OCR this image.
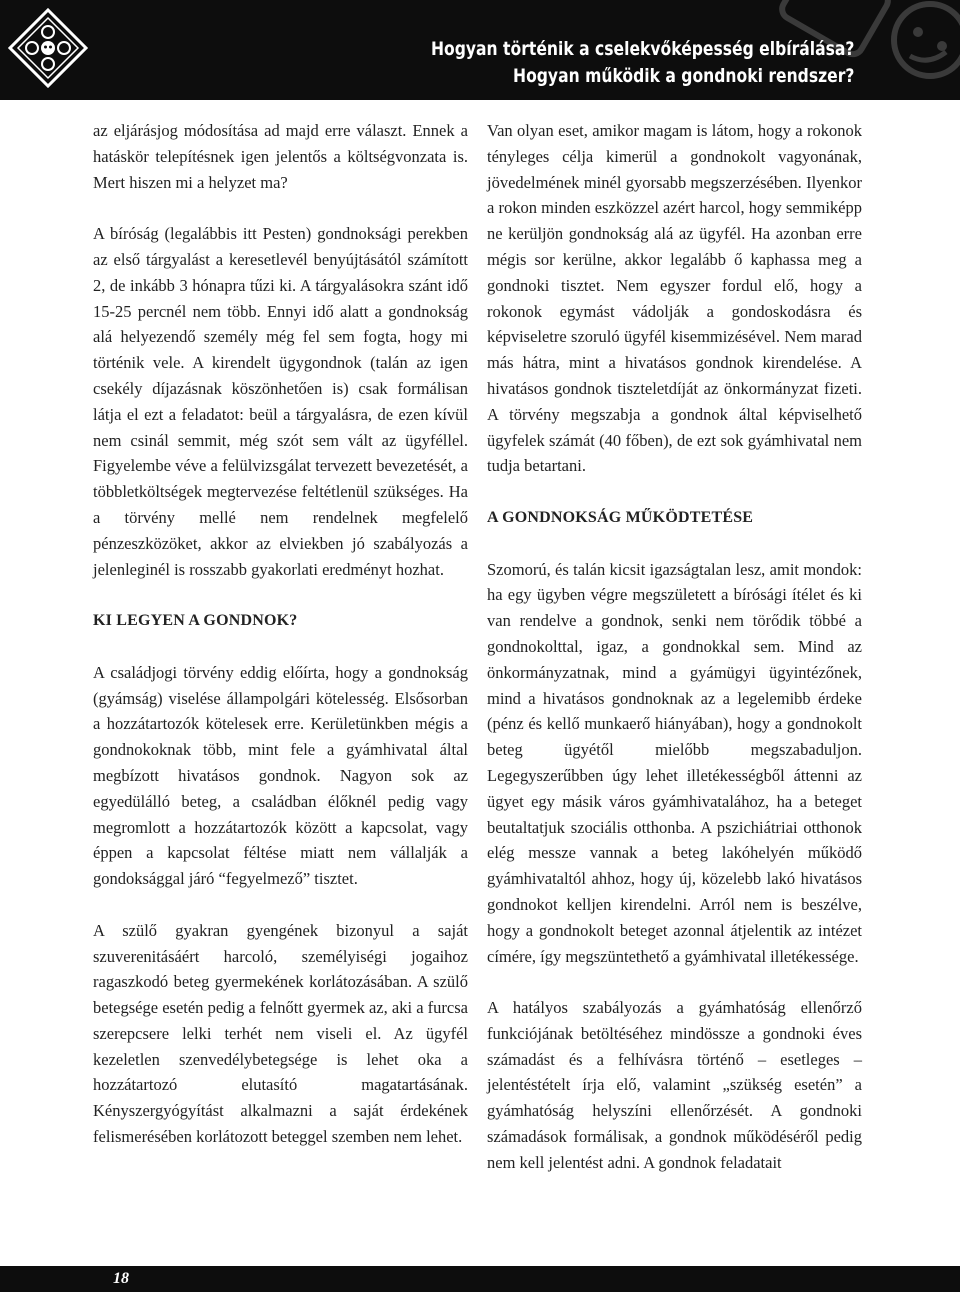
Hogyan történik a cselekvőképesség elbírálása?
Hogyan működik a gondnoki rendszer?

az eljárásjog módosítása ad majd erre választ. Ennek a hatáskör telepítésnek igen jelentős a költségvonzata is. Mert hiszen mi a helyzet ma?

A bíróság (legalábbis itt Pesten) gondnoksági perekben az első tárgyalást a keresetlevél benyújtásától számított 2, de inkább 3 hónapra tűzi ki. A tárgyalásokra szánt idő 15-25 percnél nem több. Ennyi idő alatt a gondnokság alá helyezendő személy még fel sem fogta, hogy mi történik vele. A kirendelt ügygondnok (talán az igen csekély díjazásnak köszönhetően is) csak formálisan látja el ezt a feladatot: beül a tárgyalásra, de ezen kívül nem csinál semmit, még szót sem vált az ügyféllel. Figyelembe véve a felülvizsgálat tervezett bevezetését, a többletköltségek megtervezése feltétlenül szükséges. Ha a törvény mellé nem rendelnek megfelelő pénzeszközöket, akkor az elviekben jó szabályozás a jelenleginél is rosszabb gyakorlati eredményt hozhat.

KI LEGYEN A GONDNOK?

A családjogi törvény eddig előírta, hogy a gondnokság (gyámság) viselése állampolgári kötelesség. Elsősorban a hozzátartozók kötelesek erre. Kerületünkben mégis a gondnokoknak több, mint fele a gyámhivatal által megbízott hivatásos gondnok. Nagyon sok az egyedülálló beteg, a családban élőknél pedig vagy megromlott a hozzátartozók között a kapcsolat, vagy éppen a kapcsolat féltése miatt nem vállalják a gondoksággal járó “fegyelmező” tisztet.

A szülő gyakran gyengének bizonyul a saját szuverenitásáért harcoló, személyiségi jogaihoz ragaszkodó beteg gyermekének korlátozásában. A szülő betegsége esetén pedig a felnőtt gyermek az, aki a furcsa szerepcsere lelki terhét nem viseli el. Az ügyfél kezeletlen szenvedélybetegsége is lehet oka a hozzátartozó elutasító magatartásának. Kényszergyógyítást alkalmazni a saját érdekének felismerésében korlátozott beteggel szemben nem lehet.

Van olyan eset, amikor magam is látom, hogy a rokonok tényleges célja kimerül a gondnokolt vagyonának, jövedelmének minél gyorsabb megszerzésében. Ilyenkor a rokon minden eszközzel azért harcol, hogy semmiképp ne kerüljön gondnokság alá az ügyfél. Ha azonban erre mégis sor kerülne, akkor legalább ő kaphassa meg a gondnoki tisztet. Nem egyszer fordul elő, hogy a rokonok egymást vádolják a gondoskodásra és képviseletre szoruló ügyfél kisemmizésével. Nem marad más hátra, mint a hivatásos gondnok kirendelése. A hivatásos gondnok tiszteletdíját az önkormányzat fizeti. A törvény megszabja a gondnok által képviselhető ügyfelek számát (40 főben), de ezt sok gyámhivatal nem tudja betartani.

A GONDNOKSÁG MŰKÖDTETÉSE

Szomorú, és talán kicsit igazságtalan lesz, amit mondok: ha egy ügyben végre megszületett a bírósági ítélet és ki van rendelve a gondnok, senki nem törődik többé a gondnokolttal, igaz, a gondnokkal sem. Mind az önkormányzatnak, mind a gyámügyi ügyintézőnek, mind a hivatásos gondnoknak az a legelemibb érdeke (pénz és kellő munkaerő hiányában), hogy a gondnokolt beteg ügyétől mielőbb megszabaduljon. Legegyszerűbben úgy lehet illetékességből áttenni az ügyet egy másik város gyámhivatalához, ha a beteget beutaltatjuk szociális otthonba. A pszichiátriai otthonok elég messze vannak a beteg lakóhelyén működő gyámhivataltól ahhoz, hogy új, közelebb lakó hivatásos gondnokot kelljen kirendelni. Arról nem is beszélve, hogy a gondnokolt beteget azonnal átjelentik az intézet címére, így megszüntethető a gyámhivatal illetékessége.

A hatályos szabályozás a gyámhatóság ellenőrző funkciójának betöltéséhez mindössze a gondnoki éves számadást és a felhívásra történő – esetleges – jelentéstételt írja elő, valamint „szükség esetén” a gyámhatóság helyszíni ellenőrzését. A gondnoki számadások formálisak, a gondnok működéséről pedig nem kell jelentést adni. A gondnok feladatait

18
